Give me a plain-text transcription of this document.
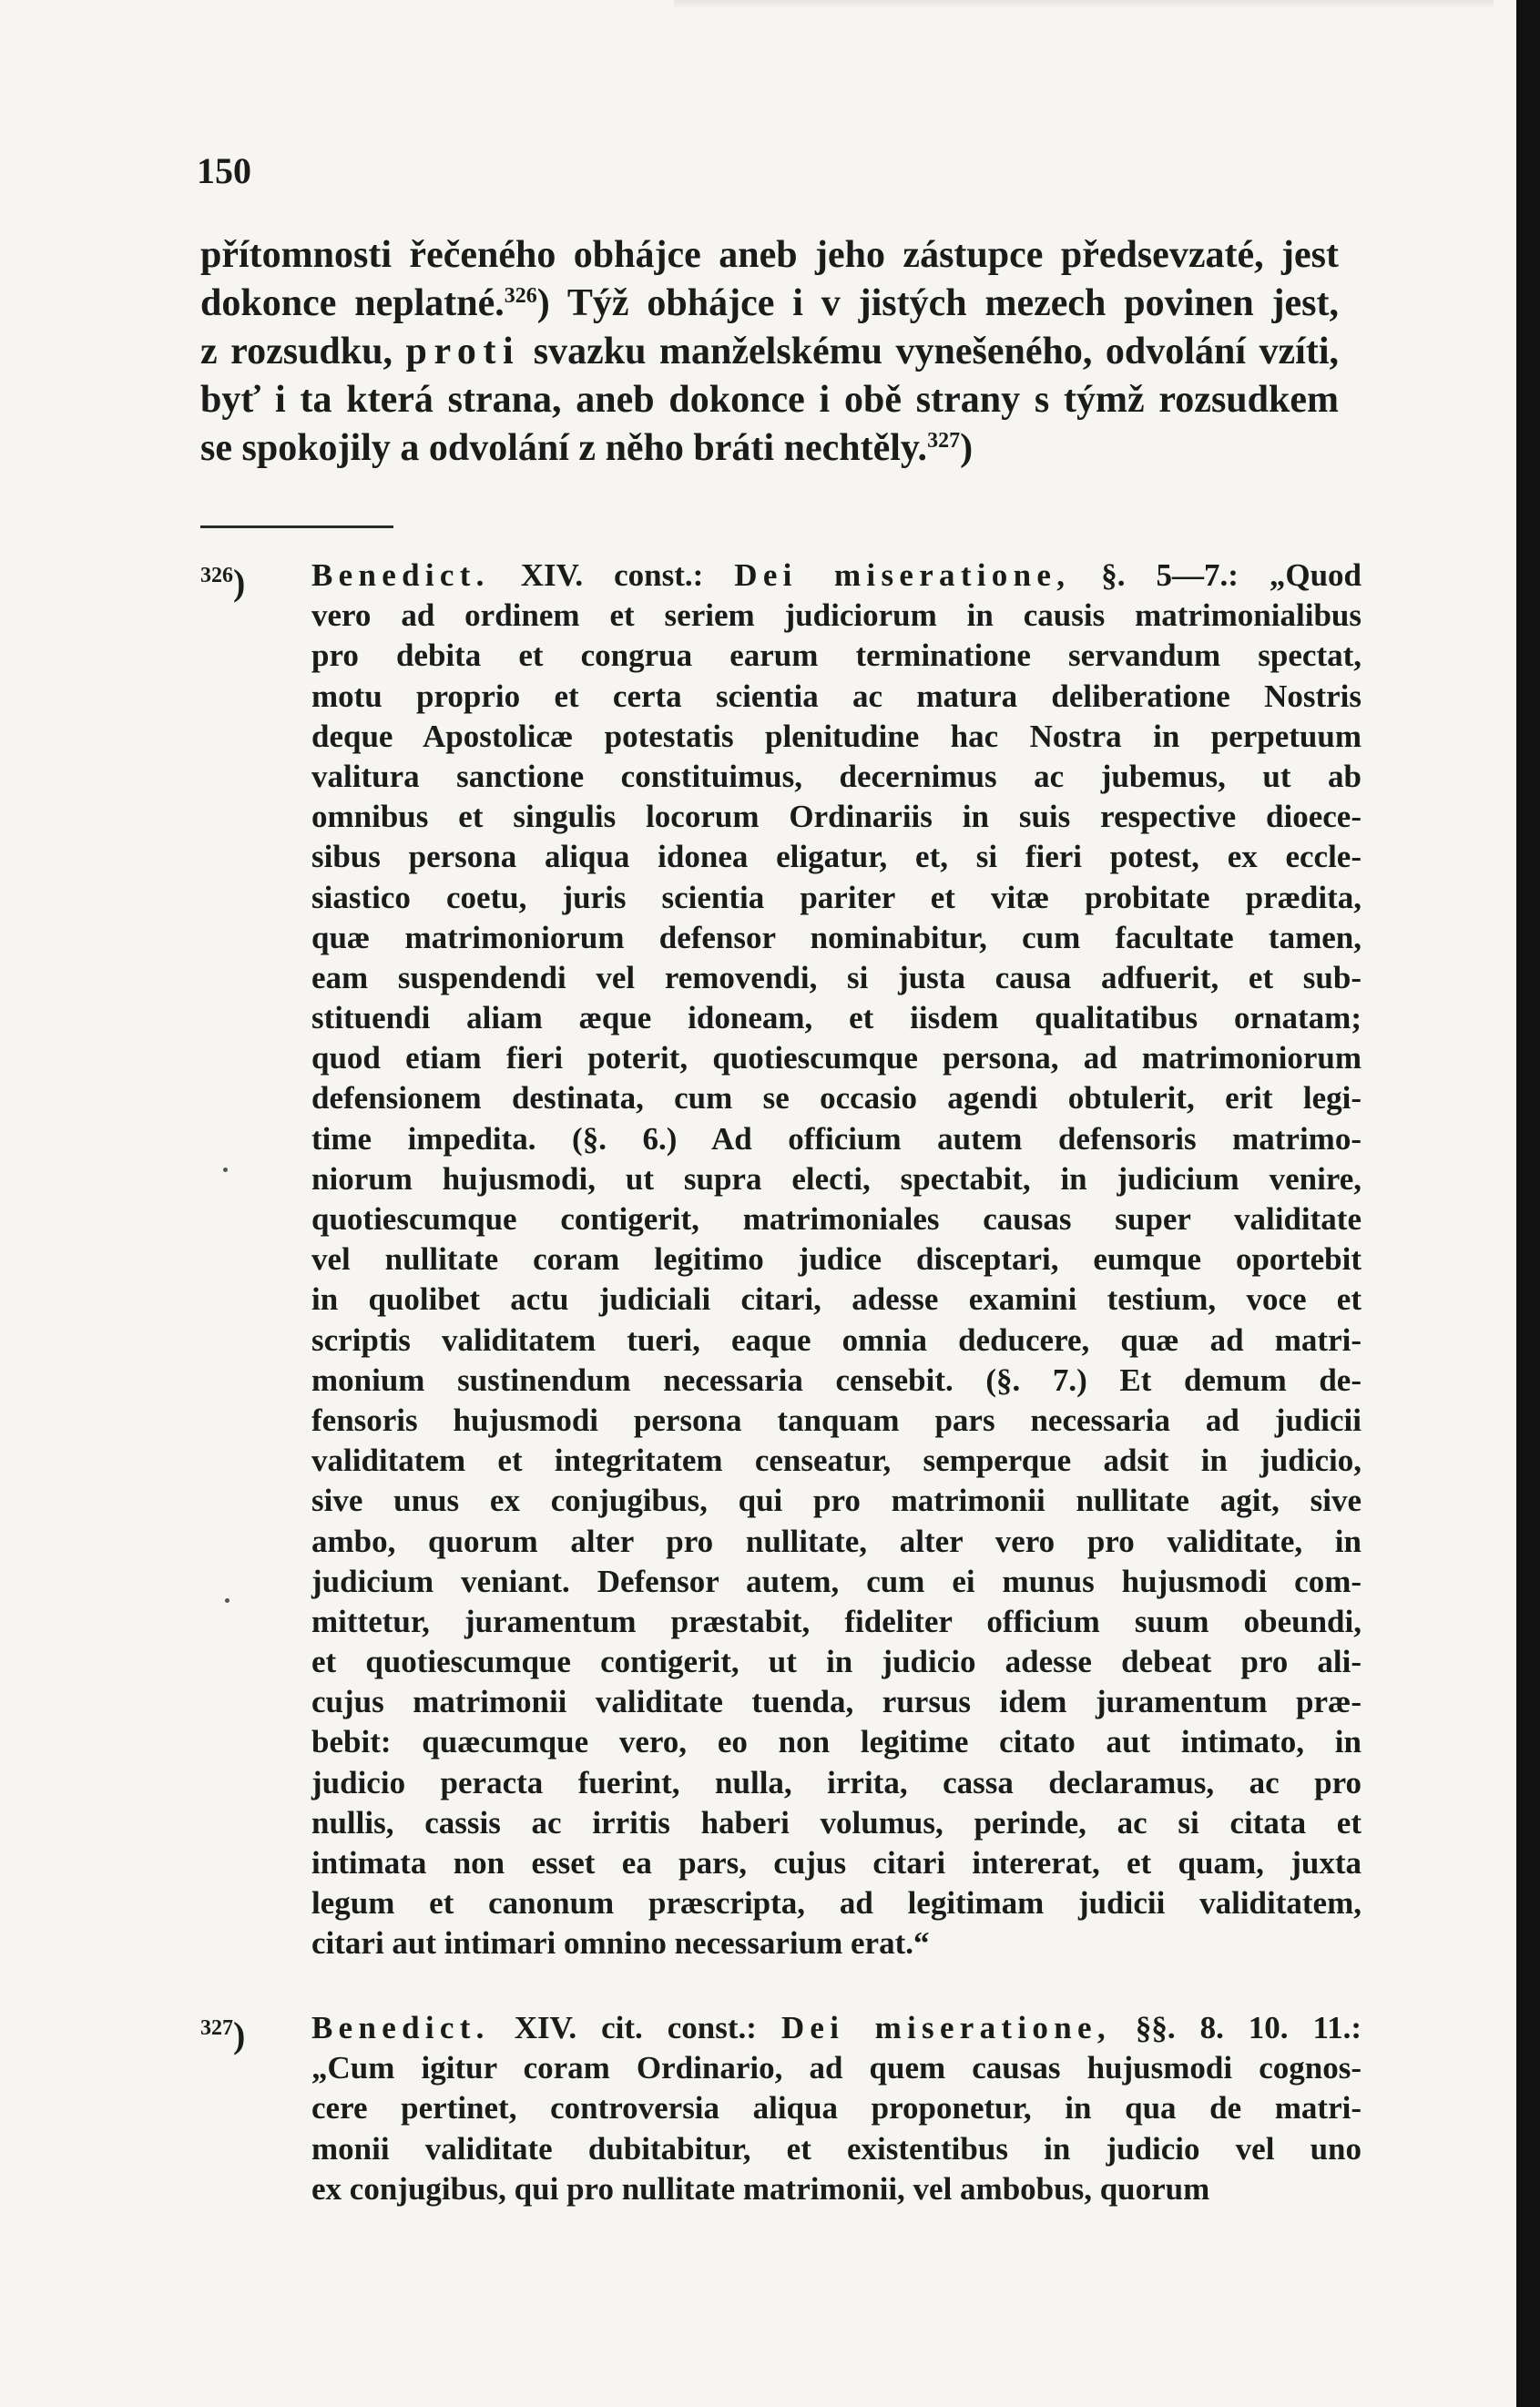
150
přítomnosti řečeného obhájce aneb jeho zástupce předsevzaté, jest
dokonce neplatné.$^{326}$) Týž obhájce i v jistých mezech povinen jest,
z rozsudku, proti svazku manželskému vynešeného, odvolání vzíti,
byť i ta která strana, aneb dokonce i obě strany s týmž rozsudkem
se spokojily a odvolání z něho bráti nechtěly.$^{327}$)
$^{326}$) Benedict. XIV. const.: Dei miseratione, §. 5—7.: „Quod
vero ad ordinem et seriem judiciorum in causis matrimonialibus
pro debita et congrua earum terminatione servandum spectat,
motu proprio et certa scientia ac matura deliberatione Nostris
deque Apostolicæ potestatis plenitudine hac Nostra in perpetuum
valitura sanctione constituimus, decernimus ac jubemus, ut ab
omnibus et singulis locorum Ordinariis in suis respective dioece-
sibus persona aliqua idonea eligatur, et, si fieri potest, ex eccle-
siastico coetu, juris scientia pariter et vitæ probitate prædita,
quæ matrimoniorum defensor nominabitur, cum facultate tamen,
eam suspendendi vel removendi, si justa causa adfuerit, et sub-
stituendi aliam æque idoneam, et iisdem qualitatibus ornatam;
quod etiam fieri poterit, quotiescumque persona, ad matrimoniorum
defensionem destinata, cum se occasio agendi obtulerit, erit legi-
time impedita. (§. 6.) Ad officium autem defensoris matrimo-
niorum hujusmodi, ut supra electi, spectabit, in judicium venire,
quotiescumque contigerit, matrimoniales causas super validitate
vel nullitate coram legitimo judice disceptari, eumque oportebit
in quolibet actu judiciali citari, adesse examini testium, voce et
scriptis validitatem tueri, eaque omnia deducere, quæ ad matri-
monium sustinendum necessaria censebit. (§. 7.) Et demum de-
fensoris hujusmodi persona tanquam pars necessaria ad judicii
validitatem et integritatem censeatur, semperque adsit in judicio,
sive unus ex conjugibus, qui pro matrimonii nullitate agit, sive
ambo, quorum alter pro nullitate, alter vero pro validitate, in
judicium veniant. Defensor autem, cum ei munus hujusmodi com-
mittetur, juramentum præstabit, fideliter officium suum obeundi,
et quotiescumque contigerit, ut in judicio adesse debeat pro ali-
cujus matrimonii validitate tuenda, rursus idem juramentum præ-
bebit: quæcumque vero, eo non legitime citato aut intimato, in
judicio peracta fuerint, nulla, irrita, cassa declaramus, ac pro
nullis, cassis ac irritis haberi volumus, perinde, ac si citata et
intimata non esset ea pars, cujus citari intererat, et quam, juxta
legum et canonum præscripta, ad legitimam judicii validitatem,
citari aut intimari omnino necessarium erat.“
$^{327}$) Benedict. XIV. cit. const.: Dei miseratione, §§. 8. 10. 11.:
„Cum igitur coram Ordinario, ad quem causas hujusmodi cognos-
cere pertinet, controversia aliqua proponetur, in qua de matri-
monii validitate dubitabitur, et existentibus in judicio vel uno
ex conjugibus, qui pro nullitate matrimonii, vel ambobus, quorum
